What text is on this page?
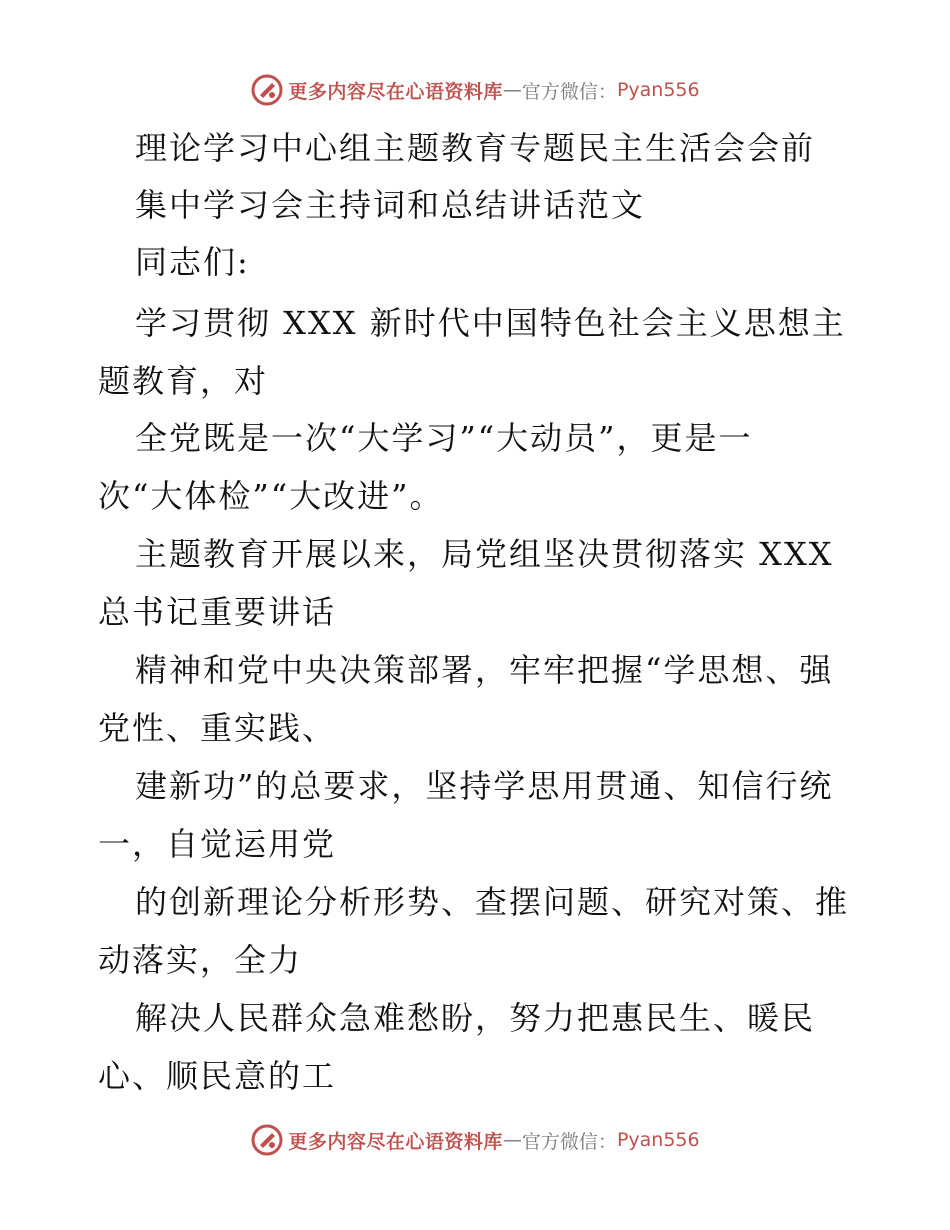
更多内容尽在心语资料库 — 官方微信： Pyan556
理论学习中心组主题教育专题民主生活会会前
集中学习会主持词和总结讲话范文
同志们:
学习贯彻 XXX 新时代中国特色社会主义思想主
题教育，对
全党既是一次“大学习”“大动员”，更是一
次“大体检”“大改进”。
主题教育开展以来，局党组坚决贯彻落实 XXX
总书记重要讲话
精神和党中央决策部署，牢牢把握“学思想、强
党性、重实践、
建新功”的总要求，坚持学思用贯通、知信行统
一，自觉运用党
的创新理论分析形势、查摆问题、研究对策、推
动落实，全力
解决人民群众急难愁盼，努力把惠民生、暖民
心、顺民意的工
更多内容尽在心语资料库 — 官方微信： Pyan556
